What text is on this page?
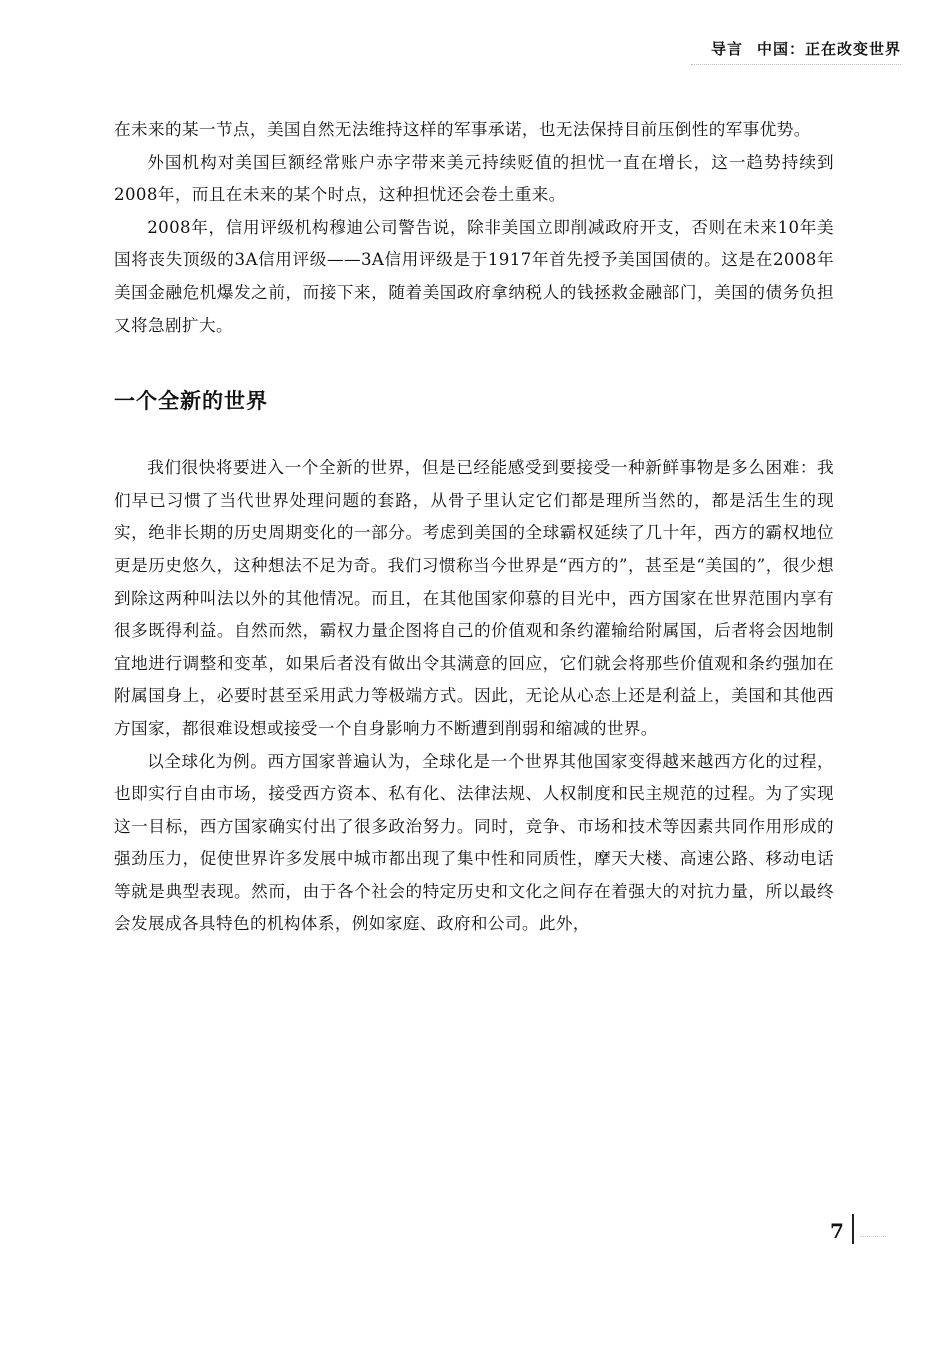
导言 中国：正在改变世界

在未来的某一节点，美国自然无法维持这样的军事承诺，也无法保持目前压倒性的军事优势。

外国机构对美国巨额经常账户赤字带来美元持续贬值的担忧一直在增长，这一趋势持续到2008年，而且在未来的某个时点，这种担忧还会卷土重来。

2008年，信用评级机构穆迪公司警告说，除非美国立即削减政府开支，否则在未来10年美国将丧失顶级的3A信用评级——3A信用评级是于1917年首先授予美国国债的。这是在2008年美国金融危机爆发之前，而接下来，随着美国政府拿纳税人的钱拯救金融部门，美国的债务负担又将急剧扩大。

一个全新的世界

我们很快将要进入一个全新的世界，但是已经能感受到要接受一种新鲜事物是多么困难：我们早已习惯了当代世界处理问题的套路，从骨子里认定它们都是理所当然的，都是活生生的现实，绝非长期的历史周期变化的一部分。考虑到美国的全球霸权延续了几十年，西方的霸权地位更是历史悠久，这种想法不足为奇。我们习惯称当今世界是“西方的”，甚至是“美国的”，很少想到除这两种叫法以外的其他情况。而且，在其他国家仰慕的目光中，西方国家在世界范围内享有很多既得利益。自然而然，霸权力量企图将自己的价值观和条约灌输给附属国，后者将会因地制宜地进行调整和变革，如果后者没有做出令其满意的回应，它们就会将那些价值观和条约强加在附属国身上，必要时甚至采用武力等极端方式。因此，无论从心态上还是利益上，美国和其他西方国家，都很难设想或接受一个自身影响力不断遭到削弱和缩减的世界。

以全球化为例。西方国家普遍认为，全球化是一个世界其他国家变得越来越西方化的过程，也即实行自由市场，接受西方资本、私有化、法律法规、人权制度和民主规范的过程。为了实现这一目标，西方国家确实付出了很多政治努力。同时，竞争、市场和技术等因素共同作用形成的强劲压力，促使世界许多发展中城市都出现了集中性和同质性，摩天大楼、高速公路、移动电话等就是典型表现。然而，由于各个社会的特定历史和文化之间存在着强大的对抗力量，所以最终会发展成各具特色的机构体系，例如家庭、政府和公司。此外，

7
